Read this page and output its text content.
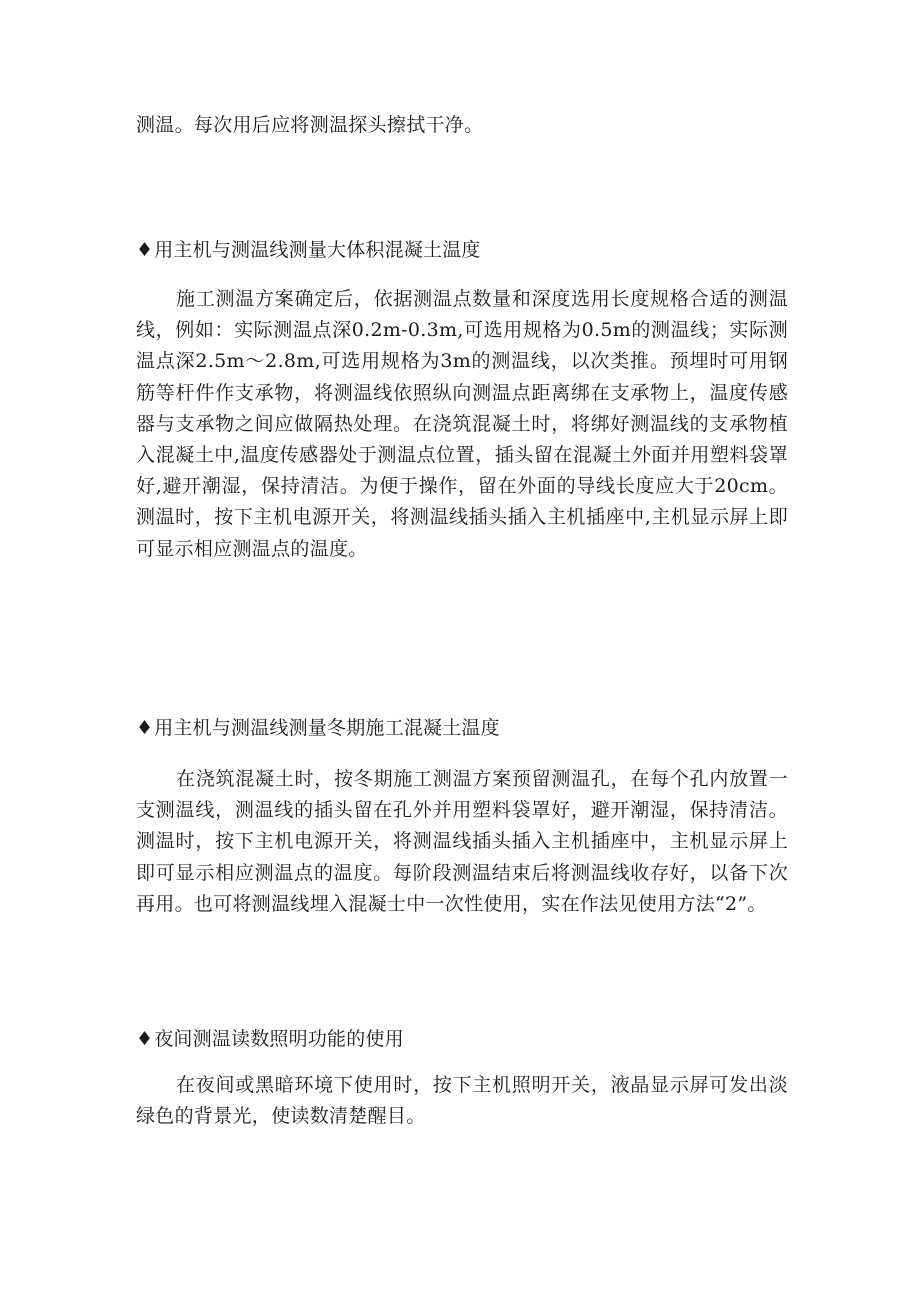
测温。每次用后应将测温探头擦拭干净。
♦用主机与测温线测量大体积混凝土温度
施工测温方案确定后，依据测温点数量和深度选用长度规格合适的测温线，例如：实际测温点深0.2m-0.3m,可选用规格为0.5m的测温线；实际测温点深2.5m～2.8m,可选用规格为3m的测温线，以次类推。预埋时可用钢筋等杆件作支承物，将测温线依照纵向测温点距离绑在支承物上，温度传感器与支承物之间应做隔热处理。在浇筑混凝土时，将绑好测温线的支承物植入混凝土中,温度传感器处于测温点位置，插头留在混凝土外面并用塑料袋罩好,避开潮湿，保持清洁。为便于操作，留在外面的导线长度应大于20cm。测温时，按下主机电源开关，将测温线插头插入主机插座中,主机显示屏上即可显示相应测温点的温度。
♦用主机与测温线测量冬期施工混凝土温度
在浇筑混凝土时，按冬期施工测温方案预留测温孔，在每个孔内放置一支测温线，测温线的插头留在孔外并用塑料袋罩好，避开潮湿，保持清洁。测温时，按下主机电源开关，将测温线插头插入主机插座中，主机显示屏上即可显示相应测温点的温度。每阶段测温结束后将测温线收存好，以备下次再用。也可将测温线埋入混凝士中一次性使用，实在作法见使用方法“2”。
♦夜间测温读数照明功能的使用
在夜间或黑暗环境下使用时，按下主机照明开关，液晶显示屏可发出淡绿色的背景光，使读数清楚醒目。
